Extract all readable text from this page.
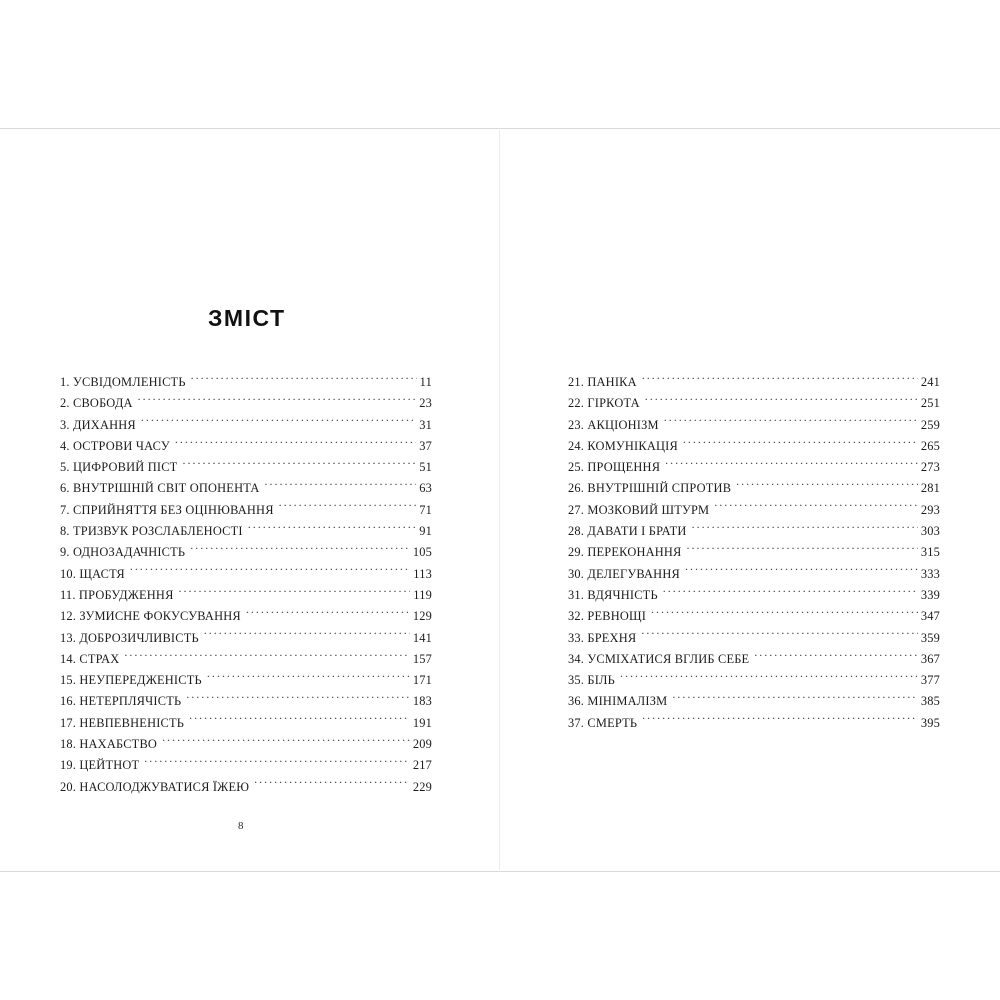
ЗМІСТ
1. УСВІДОМЛЕНІСТЬ . . .	11
2. СВОБОДА . . .	23
3. ДИХАННЯ . . .	31
4. ОСТРОВИ ЧАСУ . . .	37
5. ЦИФРОВИЙ ПІСТ . . .	51
6. ВНУТРІШНІЙ СВІТ ОПОНЕНТА . . .	63
7. СПРИЙНЯТТЯ БЕЗ ОЦІНЮВАННЯ . . .	71
8. ТРИЗВУК РОЗСЛАБЛЕНОСТІ . . .	91
9. ОДНОЗАДАЧНІСТЬ . . .	105
10. ЩАСТЯ . . .	113
11. ПРОБУДЖЕННЯ . . .	119
12. ЗУМИСНЕ ФОКУСУВАННЯ . . .	129
13. ДОБРОЗИЧЛИВІСТЬ . . .	141
14. СТРАХ . . .	157
15. НЕУПЕРЕДЖЕНІСТЬ . . .	171
16. НЕТЕРПЛЯЧІСТЬ . . .	183
17. НЕВПЕВНЕНІСТЬ . . .	191
18. НАХАБСТВО . . .	209
19. ЦЕЙТНОТ . . .	217
20. НАСОЛОДЖУВАТИСЯ ЇЖЕЮ . . .	229
21. ПАНІКА . . .	241
22. ГІРКОТА . . .	251
23. АКЦІОНІЗМ . . .	259
24. КОМУНІКАЦІЯ . . .	265
25. ПРОЩЕННЯ . . .	273
26. ВНУТРІШНІЙ СПРОТИВ . . .	281
27. МОЗКОВИЙ ШТУРМ . . .	293
28. ДАВАТИ І БРАТИ . . .	303
29. ПЕРЕКОНАННЯ . . .	315
30. ДЕЛЕГУВАННЯ . . .	333
31. ВДЯЧНІСТЬ . . .	339
32. РЕВНОЩІ . . .	347
33. БРЕХНЯ . . .	359
34. УСМІХАТИСЯ ВГЛИБ СЕБЕ . . .	367
35. БІЛЬ . . .	377
36. МІНІМАЛІЗМ . . .	385
37. СМЕРТЬ . . .	395
8
